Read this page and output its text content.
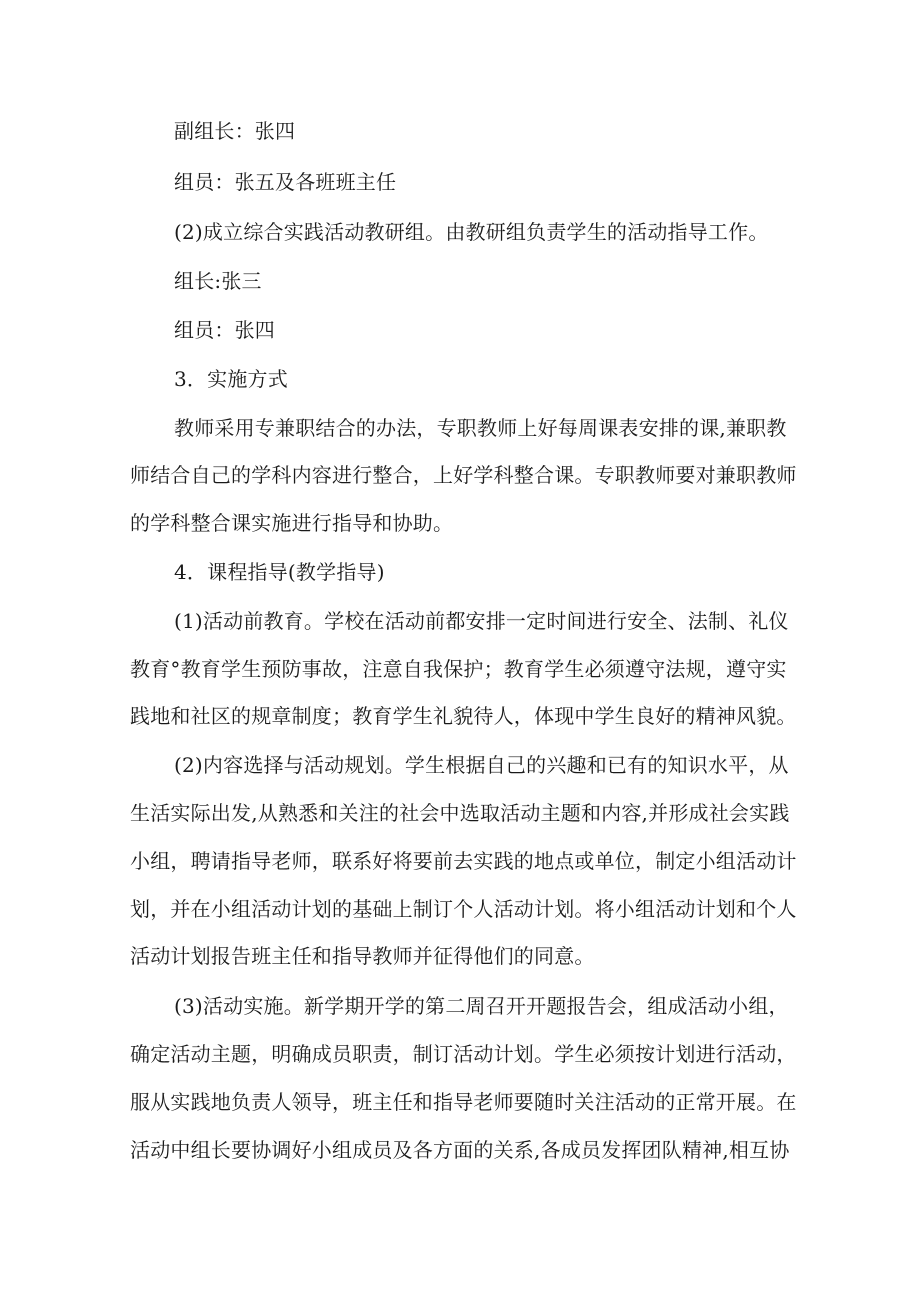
副组长：张四
组员：张五及各班班主任
(2)成立综合实践活动教研组。由教研组负责学生的活动指导工作。
组长:张三
组员：张四
3．实施方式
教师采用专兼职结合的办法，专职教师上好每周课表安排的课,兼职教
师结合自己的学科内容进行整合，上好学科整合课。专职教师要对兼职教师
的学科整合课实施进行指导和协助。
4．课程指导(教学指导)
(1)活动前教育。学校在活动前都安排一定时间进行安全、法制、礼仪
教育°教育学生预防事故，注意自我保护；教育学生必须遵守法规，遵守实
践地和社区的规章制度；教育学生礼貌待人，体现中学生良好的精神风貌。
(2)内容选择与活动规划。学生根据自己的兴趣和已有的知识水平，从
生活实际出发,从熟悉和关注的社会中选取活动主题和内容,并形成社会实践
小组，聘请指导老师，联系好将要前去实践的地点或单位，制定小组活动计
划，并在小组活动计划的基础上制订个人活动计划。将小组活动计划和个人
活动计划报告班主任和指导教师并征得他们的同意。
(3)活动实施。新学期开学的第二周召开开题报告会，组成活动小组，
确定活动主题，明确成员职责，制订活动计划。学生必须按计划进行活动，
服从实践地负责人领导，班主任和指导老师要随时关注活动的正常开展。在
活动中组长要协调好小组成员及各方面的关系,各成员发挥团队精神,相互协
